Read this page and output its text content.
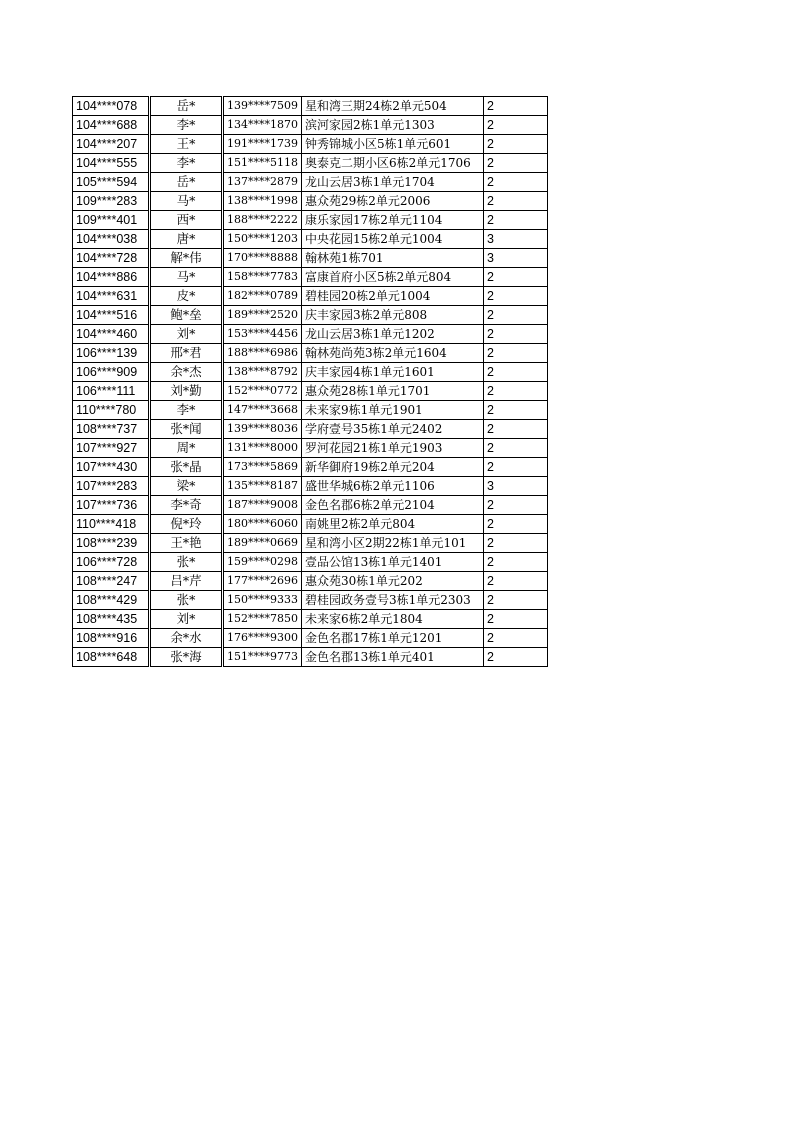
104****078	岳*	139****7509	星和湾三期24栋2单元504	2
104****688	李*	134****1870	滨河家园2栋1单元1303	2
104****207	王*	191****1739	钟秀锦城小区5栋1单元601	2
104****555	李*	151****5118	奥泰克二期小区6栋2单元1706	2
105****594	岳*	137****2879	龙山云居3栋1单元1704	2
109****283	马*	138****1998	惠众苑29栋2单元2006	2
109****401	西*	188****2222	康乐家园17栋2单元1104	2
104****038	唐*	150****1203	中央花园15栋2单元1004	3
104****728	解*伟	170****8888	翰林苑1栋701	3
104****886	马*	158****7783	富康首府小区5栋2单元804	2
104****631	皮*	182****0789	碧桂园20栋2单元1004	2
104****516	鲍*垒	189****2520	庆丰家园3栋2单元808	2
104****460	刘*	153****4456	龙山云居3栋1单元1202	2
106****139	邢*君	188****6986	翰林苑尚苑3栋2单元1604	2
106****909	余*杰	138****8792	庆丰家园4栋1单元1601	2
106****111	刘*勤	152****0772	惠众苑28栋1单元1701	2
110****780	李*	147****3668	未来家9栋1单元1901	2
108****737	张*闻	139****8036	学府壹号35栋1单元2402	2
107****927	周*	131****8000	罗河花园21栋1单元1903	2
107****430	张*晶	173****5869	新华御府19栋2单元204	2
107****283	梁*	135****8187	盛世华城6栋2单元1106	3
107****736	李*奇	187****9008	金色名郡6栋2单元2104	2
110****418	倪*玲	180****6060	南姚里2栋2单元804	2
108****239	王*艳	189****0669	星和湾小区2期22栋1单元101	2
106****728	张*	159****0298	壹品公馆13栋1单元1401	2
108****247	吕*芹	177****2696	惠众苑30栋1单元202	2
108****429	张*	150****9333	碧桂园政务壹号3栋1单元2303	2
108****435	刘*	152****7850	未来家6栋2单元1804	2
108****916	余*水	176****9300	金色名郡17栋1单元1201	2
108****648	张*海	151****9773	金色名郡13栋1单元401	2
